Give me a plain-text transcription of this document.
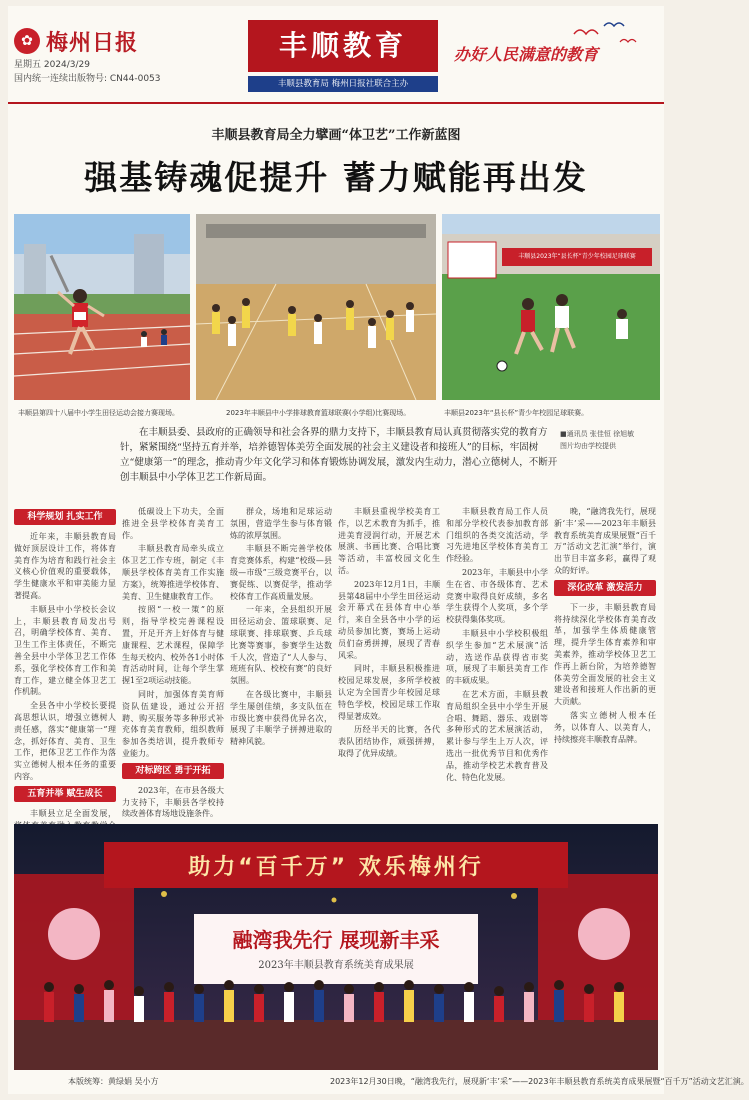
✿ 梅州日报
星期五 2024/3/29
国内统一连续出版物号: CN44-0053
丰顺教育
丰顺县教育局 梅州日报社联合主办
办好人民满意的教育
丰顺县教育局全力擘画“体卫艺”工作新蓝图
强基铸魂促提升 蓄力赋能再出发
丰顺县第四十八届中小学生田径运动会接力赛现场。	2023年丰顺县中小学排球教育篮球联赛(小学组)比赛现场。
丰顺县2023年“县长杯”青少年校园足球联赛
丰顺县2023年“县长杯”青少年校园足球联赛。
在丰顺县委、县政府的正确领导和社会各界的鼎力支持下，丰顺县教育局认真贯彻落实党的教育方针，紧紧围绕“坚持五育并举，培养德智体美劳全面发展的社会主义建设者和接班人”的目标，牢固树立“健康第一”的理念，推动青少年文化学习和体育锻炼协调发展，激发内生动力，潜心立德树人，不断开创丰顺县中小学体卫艺工作新局面。
科学规划 扎实工作

近年来，丰顺县教育局做好顶层设计工作，将体育美育作为培育和践行社会主义核心价值观的重要载体，学生健康水平和审美能力显著提高。

丰顺县中小学校长会议上，丰顺县教育局发出号召，明确学校体育、美育、卫生工作主体责任，不断完善全县中小学体卫艺工作体系，强化学校体育工作和美育工作，建立健全体卫艺工作机制。

全县各中小学校长要提高思想认识，增强立德树人责任感，落实“健康第一”理念，抓好体育、美育、卫生工作，把体卫艺工作作为落实立德树人根本任务的重要内容。

五育并举 赋生成长

丰顺县立足全面发展，

低碳设上下功夫，全面推进全县学校体育美育工作。

丰顺县教育局牵头成立体卫艺工作专班，制定《丰顺县学校体育美育工作实施方案》，统筹推进学校体育、美育、卫生健康教育工作。

按照“一校一策”的原则，指导学校完善课程设置，开足开齐上好体育与健康课程、艺术课程，保障学生每天校内、校外各1小时体育活动时间，让每个学生掌握1至2项运动技能。

同时，加强体育美育师资队伍建设，通过公开招聘、购买服务等多种形式补充体育美育教师，组织教师参加各类培训，提升教师专业能力。

对标跨区 勇于开拓

2023年，在市县各级大力支持下，丰顺县各学校持续改善体育场地设施条件。

群众，场地和足球运动氛围，营造学生参与体育锻炼的浓厚氛围。

丰顺县不断完善学校体育竞赛体系，构建“校级—县级—市级”三级竞赛平台，以赛促练、以赛促学，推动学校体育工作高质量发展。

一年来，全县组织开展田径运动会、篮球联赛、足球联赛、排球联赛、乒乓球比赛等赛事，参赛学生达数千人次，营造了“人人参与、班班有队、校校有赛”的良好氛围。

在各级比赛中，丰顺县学生屡创佳绩，多支队伍在市级比赛中获得优异名次，展现了丰顺学子拼搏进取的精神风貌。

丰顺县重视学校美育工作，以艺术教育为抓手，推进美育浸润行动，开展艺术展演、书画比赛、合唱比赛等活动，丰富校园文化生活。

2023年12月1日，丰顺县第48届中小学生田径运动会开幕式在县体育中心举行，来自全县各中小学的运动员参加比赛，赛场上运动员们奋勇拼搏，展现了青春风采。

同时，丰顺县积极推进校园足球发展，多所学校被认定为全国青少年校园足球特色学校，校园足球工作取得显著成效。

历经半天的比赛，各代表队团结协作，顽强拼搏，取得了优异成绩。

丰顺县教育局工作人员和部分学校代表参加教育部门组织的各类交流活动，学习先进地区学校体育美育工作经验。

2023年，丰顺县中小学生在省、市各级体育、艺术竞赛中取得良好成绩，多名学生获得个人奖项，多个学校获得集体奖项。

丰顺县中小学校积极组织学生参加“艺术展演”活动，选送作品获得省市奖项，展现了丰顺县美育工作的丰硕成果。

在艺术方面，丰顺县教育局组织全县中小学生开展合唱、舞蹈、器乐、戏剧等多种形式的艺术展演活动，累计参与学生上万人次，评选出一批优秀节目和优秀作品，推动学校艺术教育普及化、特色化发展。

晚，“融湾我先行，展现新‘丰’采——2023年丰顺县教育系统美育成果展暨“百千万”活动文艺汇演”举行，演出节目丰富多彩，赢得了观众的好评。

深化改革 激发活力

下一步，丰顺县教育局将持续深化学校体育美育改革，加强学生体质健康管理，提升学生体育素养和审美素养，推动学校体卫艺工作再上新台阶，为培养德智体美劳全面发展的社会主义建设者和接班人作出新的更大贡献。

落实立德树人根本任务，以体育人、以美育人，持续擦亮丰顺教育品牌。

助力“百千万” 欢乐梅州行
融湾我先行 展现新丰采
2023年丰顺县教育系统美育成果展
本版统筹：黄绿娟 吴小方	2023年12月30日晚，“融湾我先行，展现新‘丰’采”——2023年丰顺县教育系统美育成果展暨“百千万”活动文艺汇演。
■通讯员 张佳恒 徐旭敏
图片均由学校提供
